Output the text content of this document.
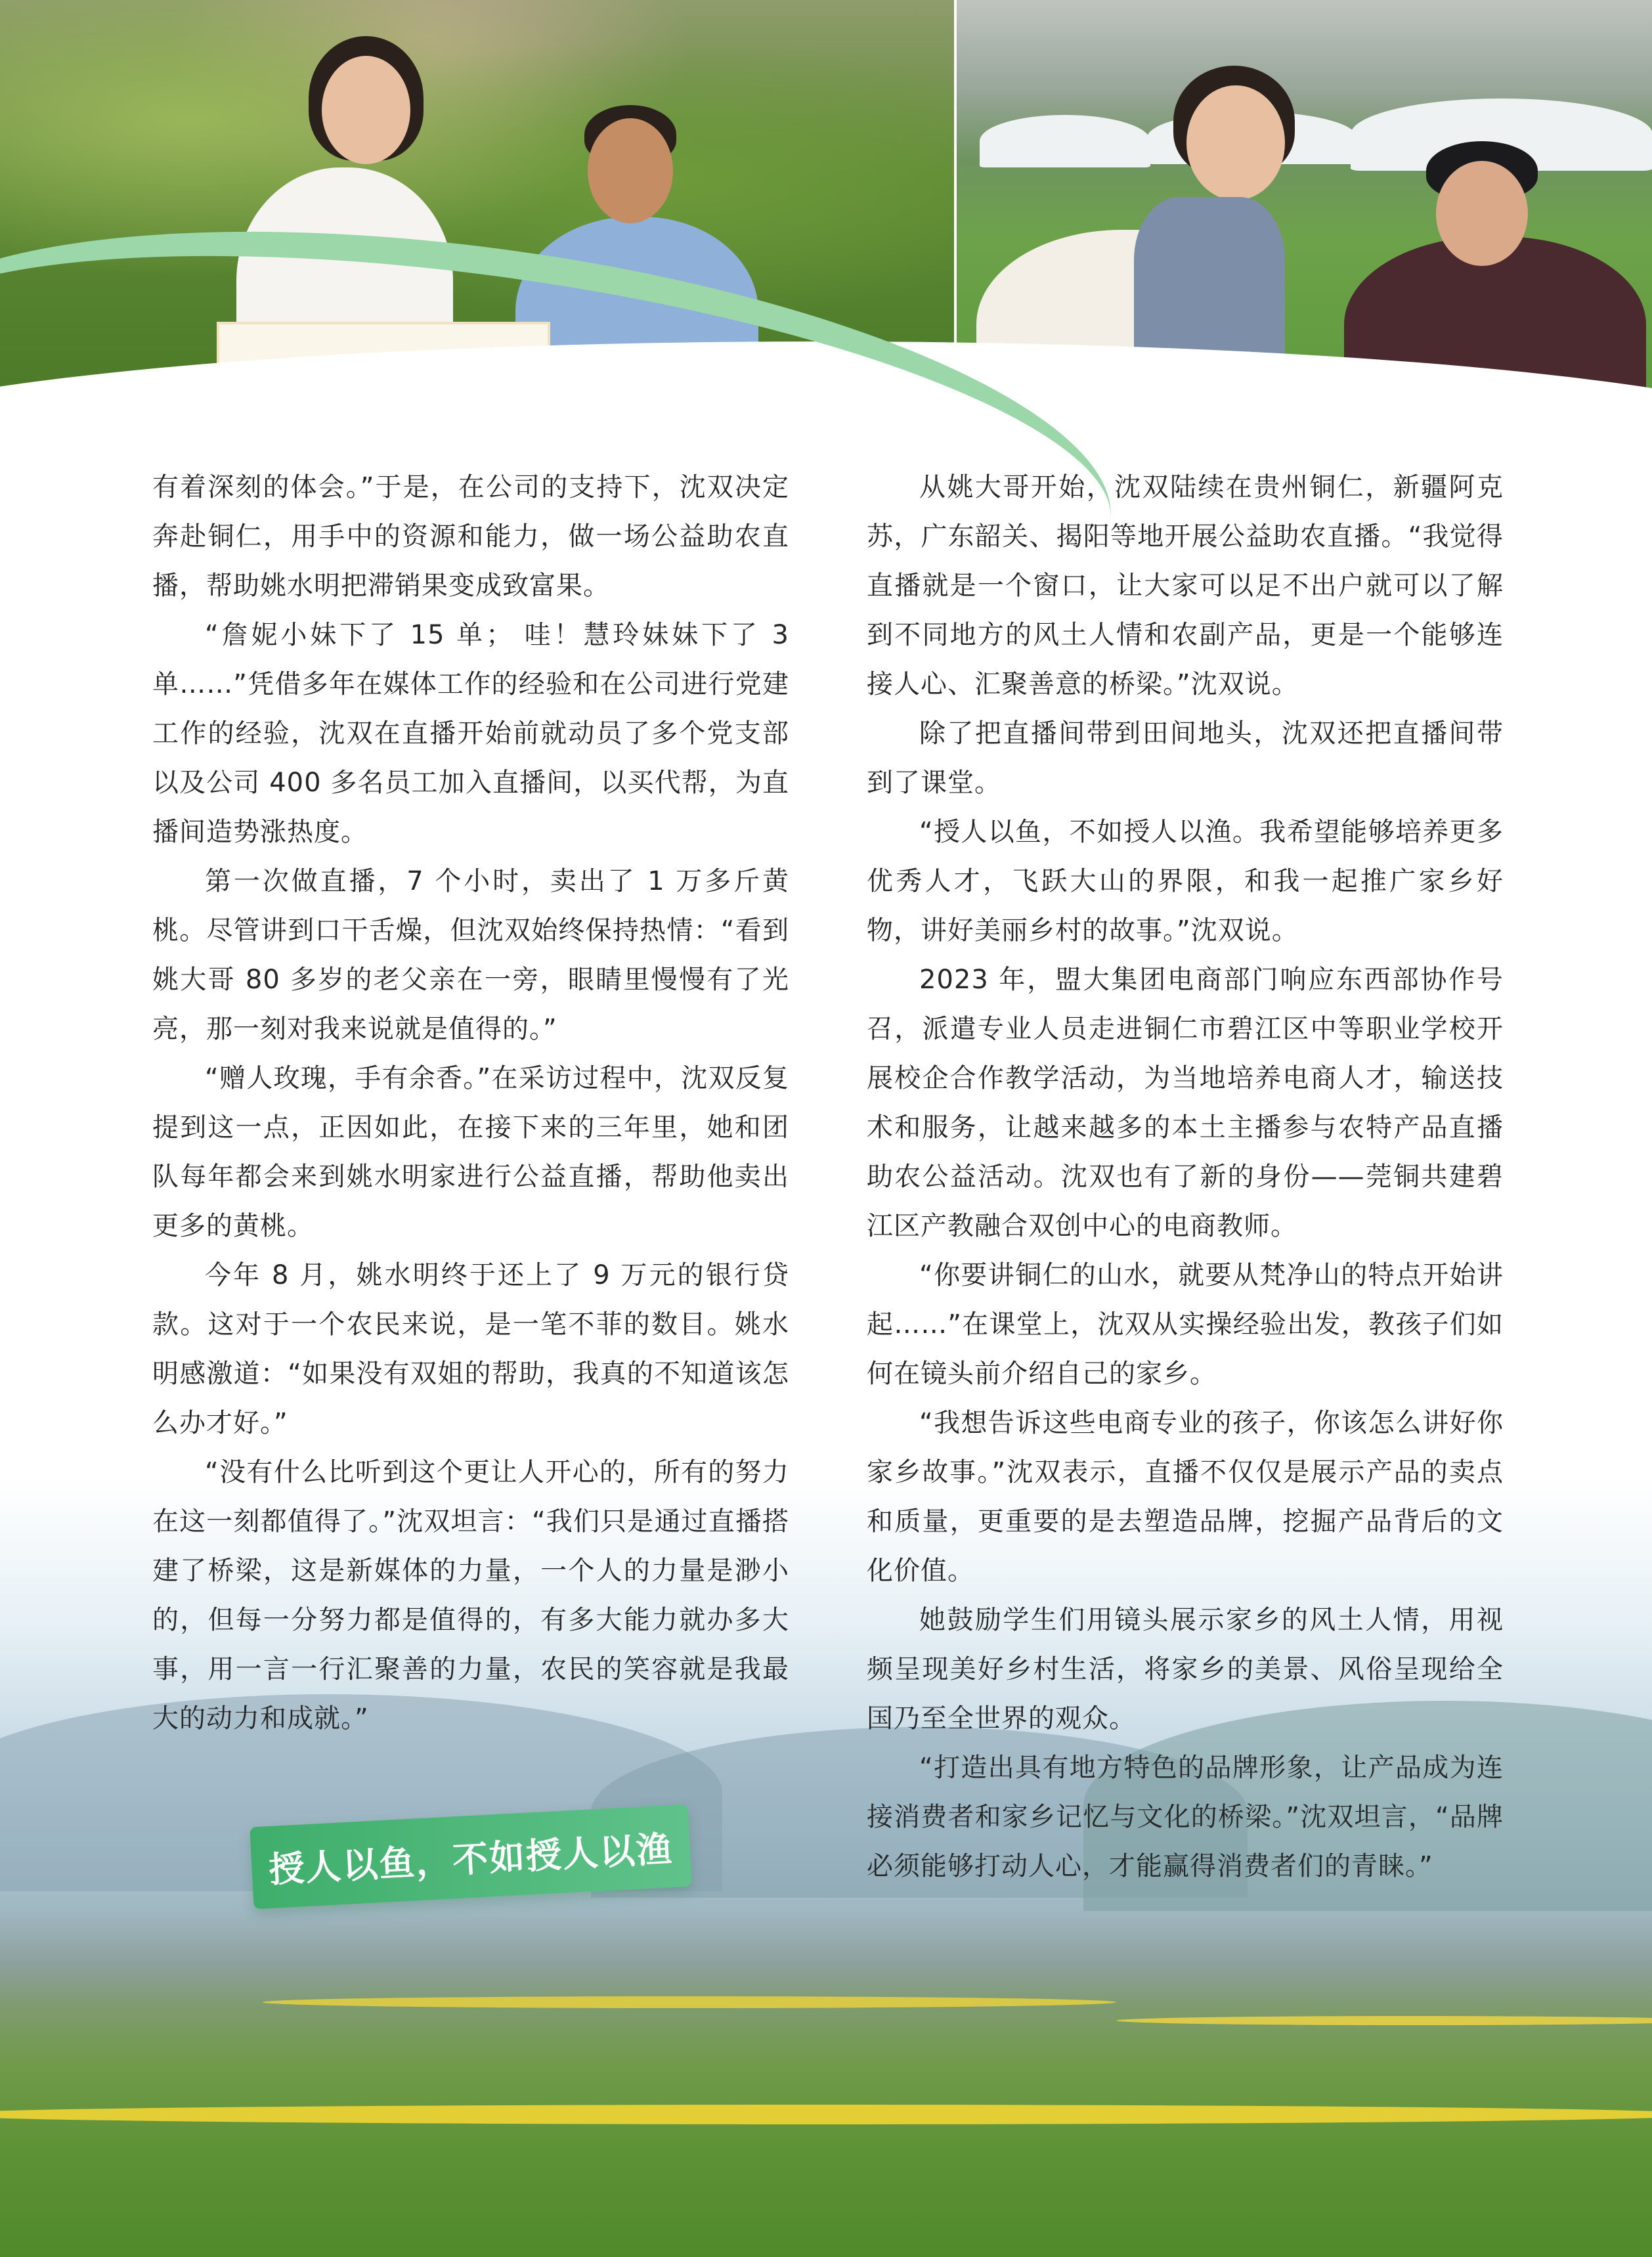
有着深刻的体会。”于是，在公司的支持下，沈双决定奔赴铜仁，用手中的资源和能力，做一场公益助农直播，帮助姚水明把滞销果变成致富果。

“詹妮小妹下了 15 单； 哇！慧玲妹妹下了 3 单……”凭借多年在媒体工作的经验和在公司进行党建工作的经验，沈双在直播开始前就动员了多个党支部以及公司 400 多名员工加入直播间，以买代帮，为直播间造势涨热度。

第一次做直播，7 个小时，卖出了 1 万多斤黄桃。尽管讲到口干舌燥，但沈双始终保持热情：“看到姚大哥 80 多岁的老父亲在一旁，眼睛里慢慢有了光亮，那一刻对我来说就是值得的。”

“赠人玫瑰，手有余香。”在采访过程中，沈双反复提到这一点，正因如此，在接下来的三年里，她和团队每年都会来到姚水明家进行公益直播，帮助他卖出更多的黄桃。

今年 8 月，姚水明终于还上了 9 万元的银行贷款。这对于一个农民来说，是一笔不菲的数目。姚水明感激道：“如果没有双姐的帮助，我真的不知道该怎么办才好。”

“没有什么比听到这个更让人开心的，所有的努力在这一刻都值得了。”沈双坦言：“我们只是通过直播搭建了桥梁，这是新媒体的力量，一个人的力量是渺小的，但每一分努力都是值得的，有多大能力就办多大事，用一言一行汇聚善的力量，农民的笑容就是我最大的动力和成就。”

从姚大哥开始，沈双陆续在贵州铜仁，新疆阿克苏，广东韶关、揭阳等地开展公益助农直播。“我觉得直播就是一个窗口，让大家可以足不出户就可以了解到不同地方的风土人情和农副产品，更是一个能够连接人心、汇聚善意的桥梁。”沈双说。

除了把直播间带到田间地头，沈双还把直播间带到了课堂。

“授人以鱼，不如授人以渔。我希望能够培养更多优秀人才，飞跃大山的界限，和我一起推广家乡好物，讲好美丽乡村的故事。”沈双说。

2023 年，盟大集团电商部门响应东西部协作号召，派遣专业人员走进铜仁市碧江区中等职业学校开展校企合作教学活动，为当地培养电商人才，输送技术和服务，让越来越多的本土主播参与农特产品直播助农公益活动。沈双也有了新的身份——莞铜共建碧江区产教融合双创中心的电商教师。

“你要讲铜仁的山水，就要从梵净山的特点开始讲起……”在课堂上，沈双从实操经验出发，教孩子们如何在镜头前介绍自己的家乡。

“我想告诉这些电商专业的孩子，你该怎么讲好你家乡故事。”沈双表示，直播不仅仅是展示产品的卖点和质量，更重要的是去塑造品牌，挖掘产品背后的文化价值。

她鼓励学生们用镜头展示家乡的风土人情，用视频呈现美好乡村生活，将家乡的美景、风俗呈现给全国乃至全世界的观众。

“打造出具有地方特色的品牌形象，让产品成为连接消费者和家乡记忆与文化的桥梁。”沈双坦言，“品牌必须能够打动人心，才能赢得消费者们的青睐。”

授人以鱼，不如授人以渔
